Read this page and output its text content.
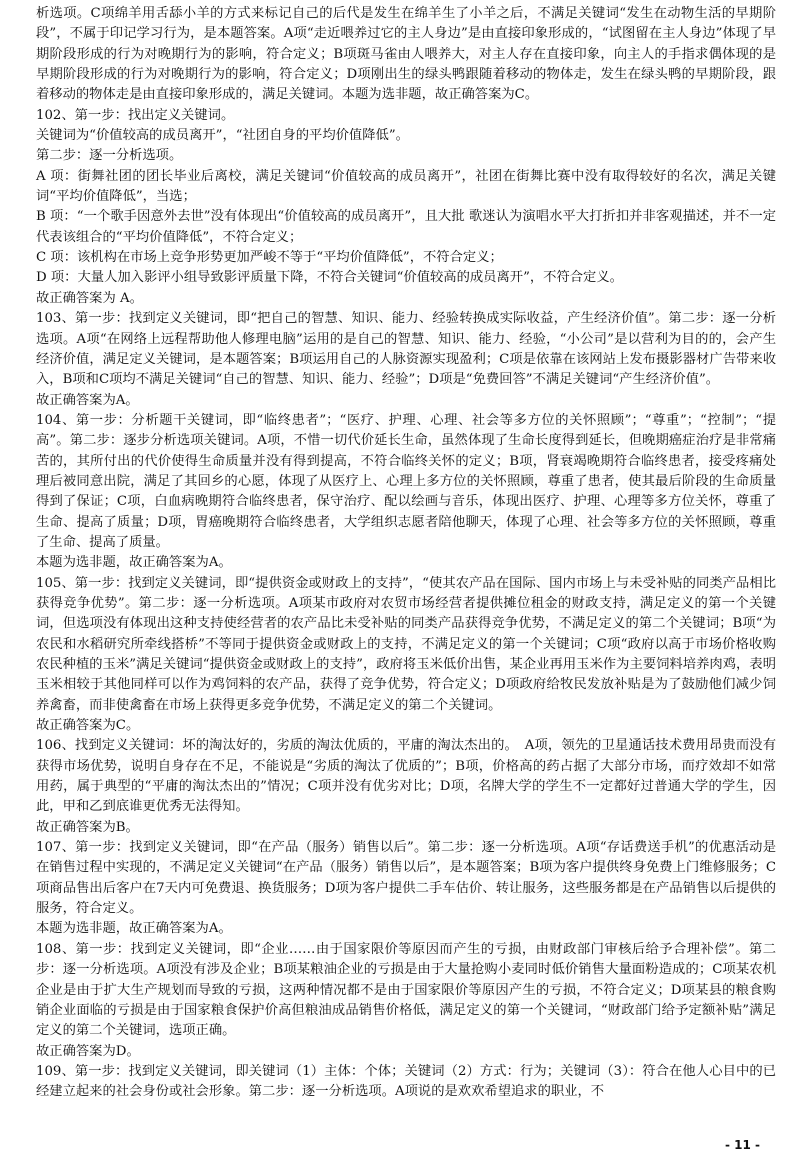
析选项。C项绵羊用舌舔小羊的方式来标记自己的后代是发生在绵羊生了小羊之后，不满足关键词“发生在动物生活的早期阶段”，不属于印记学习行为，是本题答案。A项“走近喂养过它的主人身边”是由直接印象形成的，“试图留在主人身边”体现了早期阶段形成的行为对晚期行为的影响，符合定义；B项斑马雀由人喂养大，对主人存在直接印象，向主人的手指求偶体现的是早期阶段形成的行为对晚期行为的影响，符合定义；D项刚出生的绿头鸭跟随着移动的物体走，发生在绿头鸭的早期阶段，跟着移动的物体走是由直接印象形成的，满足关键词。本题为选非题，故正确答案为C。

102、第一步：找出定义关键词。

关键词为“价值较高的成员离开”，“社团自身的平均价值降低”。

第二步：逐一分析选项。

A 项：街舞社团的团长毕业后离校，满足关键词“价值较高的成员离开”，社团在街舞比赛中没有取得较好的名次，满足关键词“平均价值降低”，当选；

B 项：“一个歌手因意外去世”没有体现出“价值较高的成员离开”，且大批 歌迷认为演唱水平大打折扣并非客观描述，并不一定代表该组合的“平均价值降低”，不符合定义；

C 项：该机构在市场上竞争形势更加严峻不等于“平均价值降低”，不符合定义；

D 项：大量人加入影评小组导致影评质量下降，不符合关键词“价值较高的成员离开”，不符合定义。

故正确答案为 A。

103、第一步：找到定义关键词，即“把自己的智慧、知识、能力、经验转换成实际收益，产生经济价值”。第二步：逐一分析选项。A项“在网络上远程帮助他人修理电脑”运用的是自己的智慧、知识、能力、经验，“小公司”是以营利为目的的，会产生经济价值，满足定义关键词，是本题答案；B项运用自己的人脉资源实现盈利；C项是依靠在该网站上发布摄影器材广告带来收入，B项和C项均不满足关键词“自己的智慧、知识、能力、经验”；D项是“免费回答”不满足关键词“产生经济价值”。

故正确答案为A。

104、第一步：分析题干关键词，即“临终患者”；“医疗、护理、心理、社会等多方位的关怀照顾”；“尊重”；“控制”；“提高”。第二步：逐步分析选项关键词。A项，不惜一切代价延长生命，虽然体现了生命长度得到延长，但晚期癌症治疗是非常痛苦的，其所付出的代价使得生命质量并没有得到提高，不符合临终关怀的定义；B项，肾衰竭晚期符合临终患者，接受疼痛处理后被同意出院，满足了其回乡的心愿，体现了从医疗上、心理上多方位的关怀照顾，尊重了患者，使其最后阶段的生命质量得到了保证；C项，白血病晚期符合临终患者，保守治疗、配以绘画与音乐，体现出医疗、护理、心理等多方位关怀，尊重了生命、提高了质量；D项，胃癌晚期符合临终患者，大学组织志愿者陪他聊天，体现了心理、社会等多方位的关怀照顾，尊重了生命、提高了质量。

本题为选非题，故正确答案为A。

105、第一步：找到定义关键词，即“提供资金或财政上的支持”，“使其农产品在国际、国内市场上与未受补贴的同类产品相比获得竞争优势”。第二步：逐一分析选项。A项某市政府对农贸市场经营者提供摊位租金的财政支持，满足定义的第一个关键词，但选项没有体现出这种支持使经营者的农产品比未受补贴的同类产品获得竞争优势，不满足定义的第二个关键词；B项“为农民和水稻研究所牵线搭桥”不等同于提供资金或财政上的支持，不满足定义的第一个关键词；C项“政府以高于市场价格收购农民种植的玉米”满足关键词“提供资金或财政上的支持”，政府将玉米低价出售，某企业再用玉米作为主要饲料培养肉鸡，表明玉米相较于其他同样可以作为鸡饲料的农产品，获得了竞争优势，符合定义；D项政府给牧民发放补贴是为了鼓励他们减少饲养禽畜，而非使禽畜在市场上获得更多竞争优势，不满足定义的第二个关键词。

故正确答案为C。

106、找到定义关键词：坏的淘汰好的，劣质的淘汰优质的，平庸的淘汰杰出的。　A项，领先的卫星通话技术费用昂贵而没有获得市场优势，说明自身存在不足，不能说是“劣质的淘汰了优质的”；B项，价格高的药占据了大部分市场，而疗效却不如常用药，属于典型的“平庸的淘汰杰出的”情况；C项并没有优劣对比；D项，名牌大学的学生不一定都好过普通大学的学生，因此，甲和乙到底谁更优秀无法得知。

故正确答案为B。

107、第一步：找到定义关键词，即“在产品（服务）销售以后”。第二步：逐一分析选项。A项“存话费送手机”的优惠活动是在销售过程中实现的，不满足定义关键词“在产品（服务）销售以后”，是本题答案；B项为客户提供终身免费上门维修服务；C项商品售出后客户在7天内可免费退、换货服务；D项为客户提供二手车估价、转让服务，这些服务都是在产品销售以后提供的服务，符合定义。

本题为选非题，故正确答案为A。

108、第一步：找到定义关键词，即“企业……由于国家限价等原因而产生的亏损，由财政部门审核后给予合理补偿”。第二步：逐一分析选项。A项没有涉及企业；B项某粮油企业的亏损是由于大量抢购小麦同时低价销售大量面粉造成的；C项某农机企业是由于扩大生产规划而导致的亏损，这两种情况都不是由于国家限价等原因产生的亏损，不符合定义；D项某县的粮食购销企业面临的亏损是由于国家粮食保护价高但粮油成品销售价格低，满足定义的第一个关键词，“财政部门给予定额补贴”满足定义的第二个关键词，选项正确。

故正确答案为D。

109、第一步：找到定义关键词，即关键词（1）主体：个体；关键词（2）方式：行为；关键词（3）：符合在他人心目中的已经建立起来的社会身份或社会形象。第二步：逐一分析选项。A项说的是欢欢希望追求的职业，不

- 11 -
